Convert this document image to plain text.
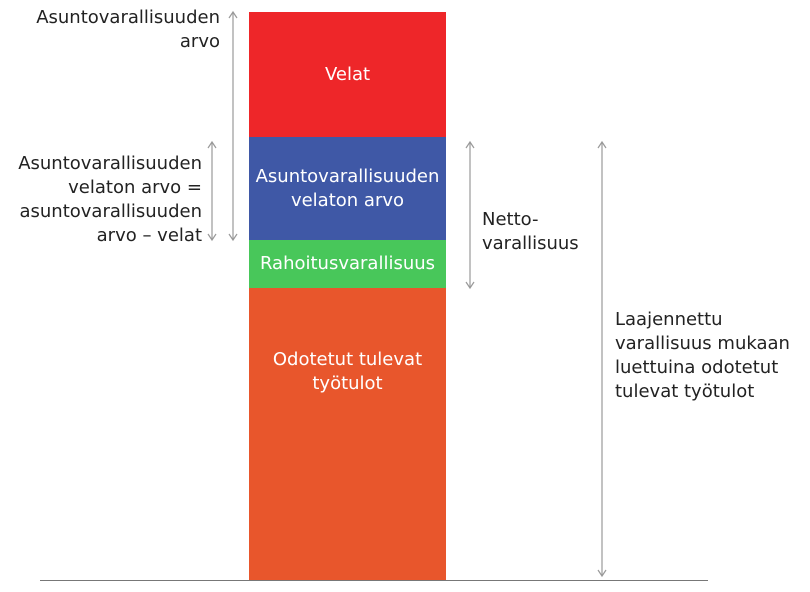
Velat
Asuntovarallisuuden
velaton arvo
Rahoitusvarallisuus
Odotetut tulevat
työtulot
Asuntovarallisuuden
arvo
Asuntovarallisuuden
velaton arvo =
asuntovarallisuuden
arvo – velat
Netto-
varallisuus
Laajennettu
varallisuus mukaan
luettuina odotetut
tulevat työtulot
